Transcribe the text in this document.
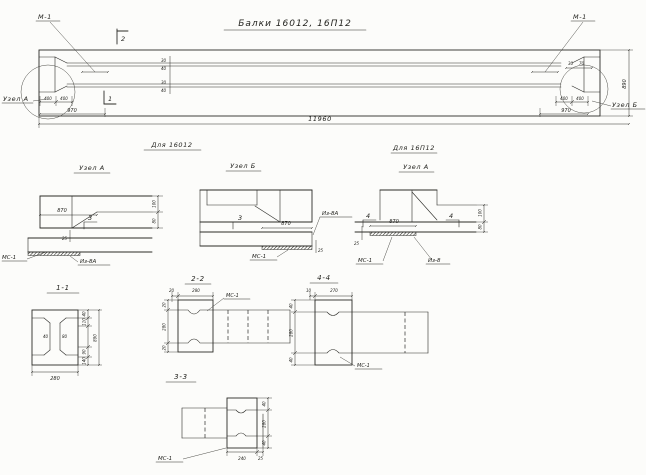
Балки 16012, 16П12
М-1	М-1
2
1
30
40
30
40
30 70
400 400
970
400 400
970
Узел А
Узел Б
890
11960
Для 16012
Узел А	Узел Б
Для 16П12
Узел А
870
100
80
3
25
МС-1
Из-8А
870
25
3
МС-1
Из-8А
870
4	4	100
80
25
МС-1	Из-8
1-1
40	80
280
40
110
90
140
890
2-2
20	280
20
280
20
МС-1
4-4
10	270
40
280
40
МС-1
3-3
240	25
40
280
40
МС-1
